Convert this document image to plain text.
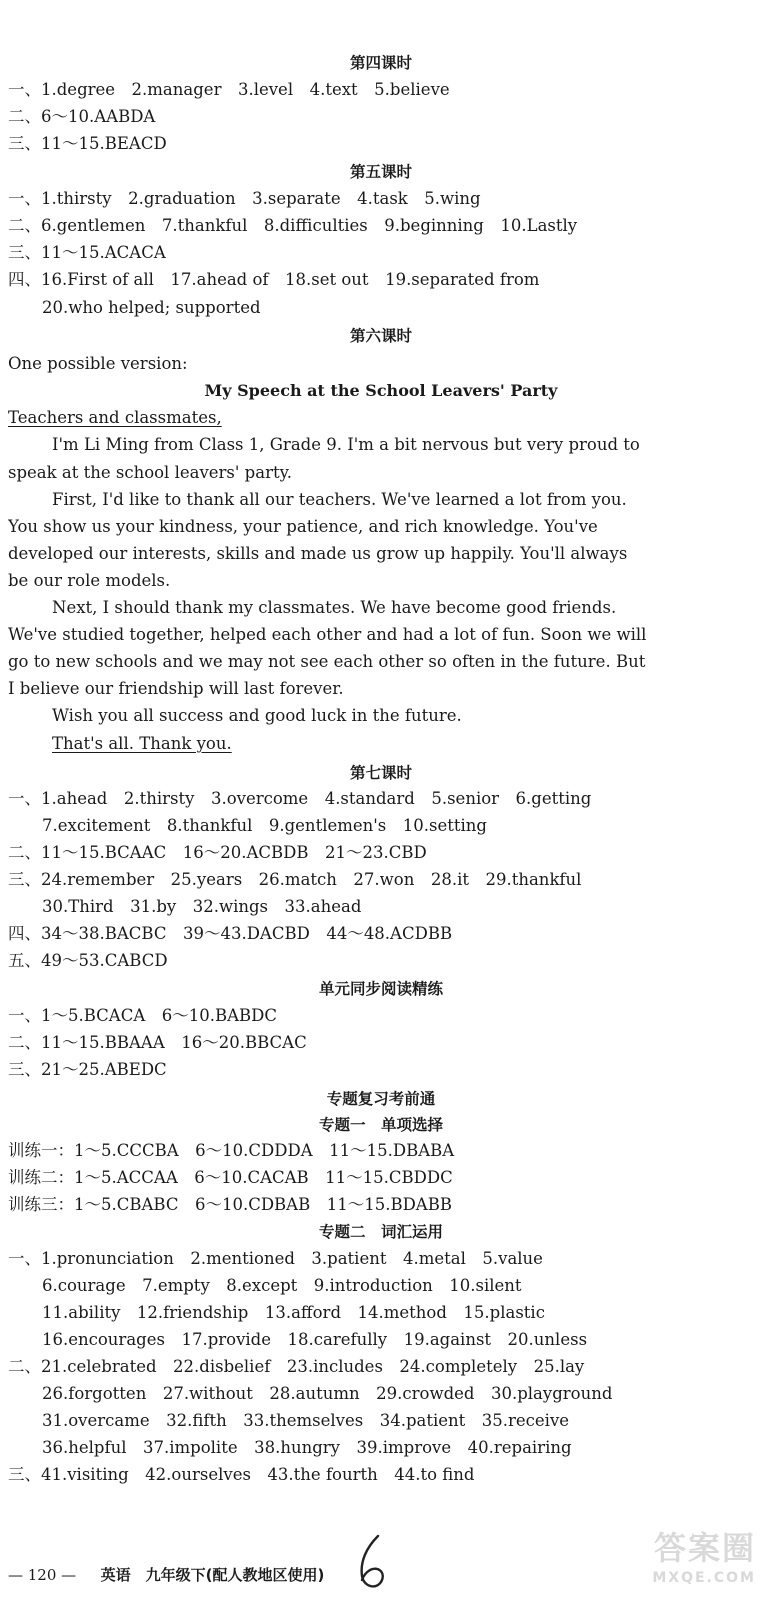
第四课时
一、1.degree　2.manager　3.level　4.text　5.believe
二、6～10.AABDA
三、11～15.BEACD
第五课时
一、1.thirsty　2.graduation　3.separate　4.task　5.wing
二、6.gentlemen　7.thankful　8.difficulties　9.beginning　10.Lastly
三、11～15.ACACA
四、16.First of all　17.ahead of　18.set out　19.separated from
20.who helped; supported
第六课时
One possible version:
My Speech at the School Leavers' Party
Teachers and classmates,
I'm Li Ming from Class 1, Grade 9. I'm a bit nervous but very proud to
speak at the school leavers' party.
First, I'd like to thank all our teachers. We've learned a lot from you.
You show us your kindness, your patience, and rich knowledge. You've
developed our interests, skills and made us grow up happily. You'll always
be our role models.
Next, I should thank my classmates. We have become good friends.
We've studied together, helped each other and had a lot of fun. Soon we will
go to new schools and we may not see each other so often in the future. But
I believe our friendship will last forever.
Wish you all success and good luck in the future.
That's all. Thank you.
第七课时
一、1.ahead　2.thirsty　3.overcome　4.standard　5.senior　6.getting
7.excitement　8.thankful　9.gentlemen's　10.setting
二、11～15.BCAAC　16～20.ACBDB　21～23.CBD
三、24.remember　25.years　26.match　27.won　28.it　29.thankful
30.Third　31.by　32.wings　33.ahead
四、34～38.BACBC　39～43.DACBD　44～48.ACDBB
五、49～53.CABCD
单元同步阅读精练
一、1～5.BCACA　6～10.BABDC
二、11～15.BBAAA　16～20.BBCAC
三、21～25.ABEDC
专题复习考前通
专题一　单项选择
训练一：1～5.CCCBA　6～10.CDDDA　11～15.DBABA
训练二：1～5.ACCAA　6～10.CACAB　11～15.CBDDC
训练三：1～5.CBABC　6～10.CDBAB　11～15.BDABB
专题二　词汇运用
一、1.pronunciation　2.mentioned　3.patient　4.metal　5.value
6.courage　7.empty　8.except　9.introduction　10.silent
11.ability　12.friendship　13.afford　14.method　15.plastic
16.encourages　17.provide　18.carefully　19.against　20.unless
二、21.celebrated　22.disbelief　23.includes　24.completely　25.lay
26.forgotten　27.without　28.autumn　29.crowded　30.playground
31.overcame　32.fifth　33.themselves　34.patient　35.receive
36.helpful　37.impolite　38.hungry　39.improve　40.repairing
三、41.visiting　42.ourselves　43.the fourth　44.to find
— 120 — 英语　九年级下(配人教地区使用)
答案圈
MXQE.COM
